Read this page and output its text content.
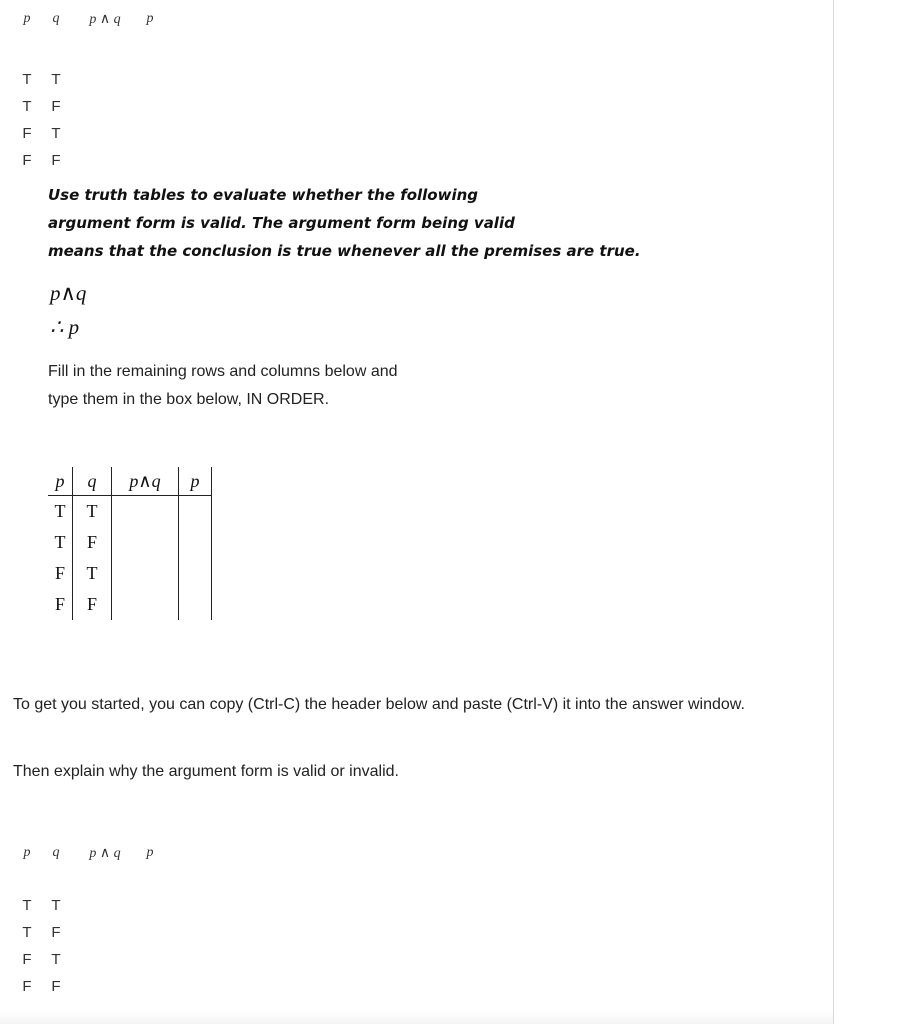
p	q	p ∧ q	p
T	T
T	F
F	T
F	F
Use truth tables to evaluate whether the following
argument form is valid. The argument form being valid
means that the conclusion is true whenever all the premises are true.
p∧q
∴ p
Fill in the remaining rows and columns below and
type them in the box below, IN ORDER.
p	q	p∧q	p
T	T		
T	F		
F	T		
F	F		
To get you started, you can copy (Ctrl-C) the header below and paste (Ctrl-V) it into the answer window.
Then explain why the argument form is valid or invalid.
p	q	p ∧ q	p
T	T
T	F
F	T
F	F
